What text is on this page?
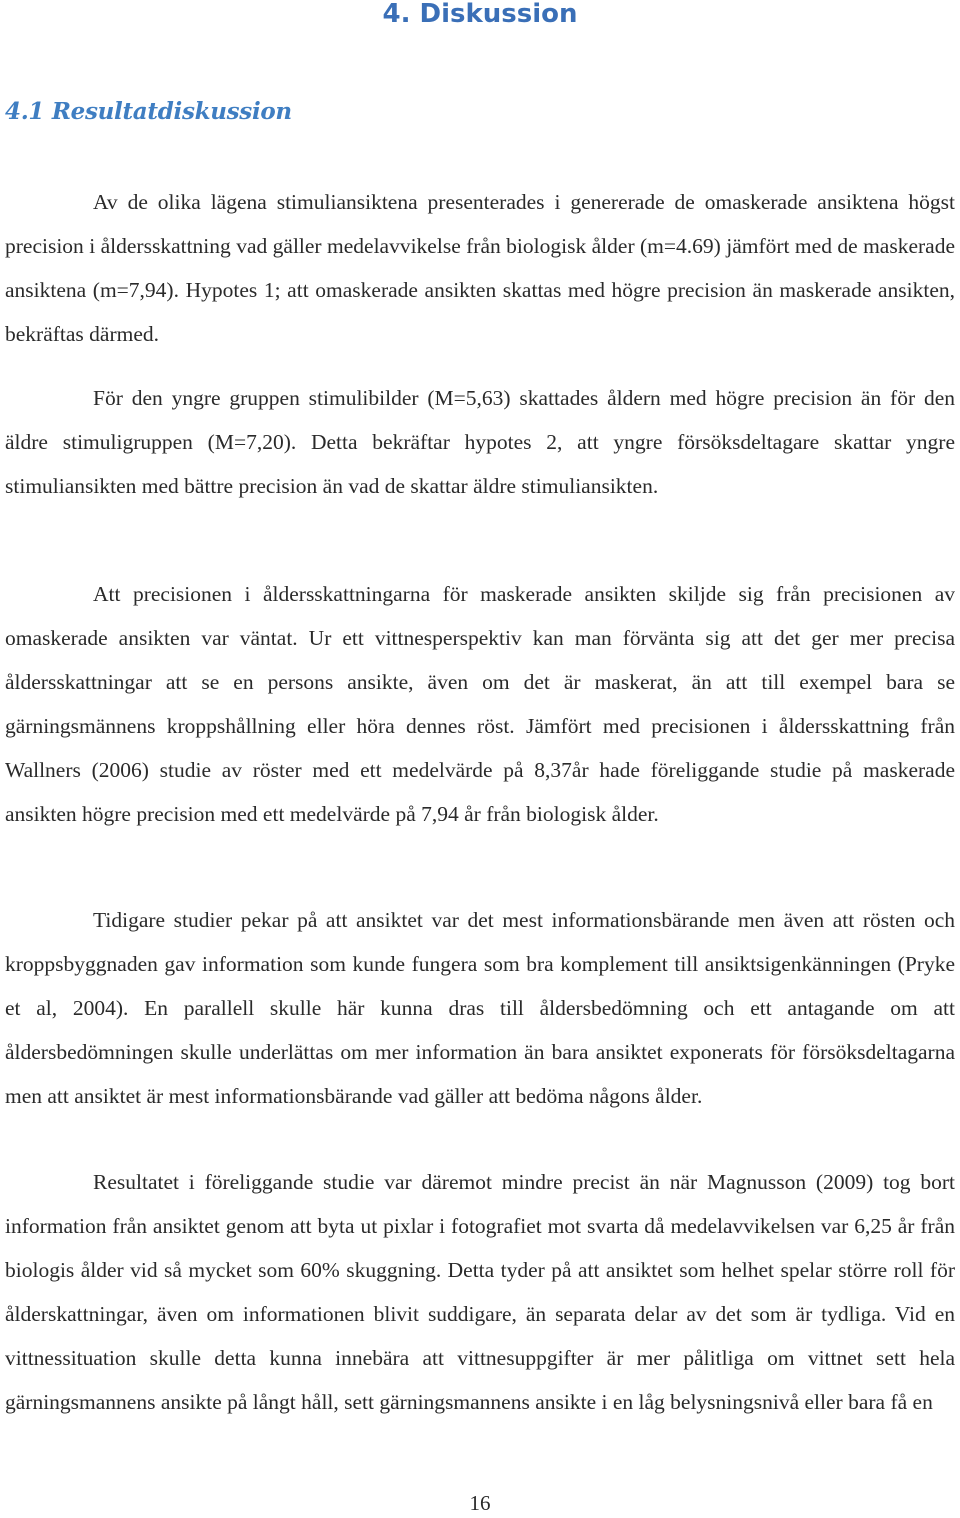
4. Diskussion
4.1 Resultatdiskussion

Av de olika lägena stimuliansiktena presenterades i genererade de omaskerade ansiktena högst precision i åldersskattning vad gäller medelavvikelse från biologisk ålder (m=4.69) jämfört med de maskerade ansiktena (m=7,94). Hypotes 1; att omaskerade ansikten skattas med högre precision än maskerade ansikten, bekräftas därmed.

För den yngre gruppen stimulibilder (M=5,63) skattades åldern med högre precision än för den äldre stimuligruppen (M=7,20). Detta bekräftar hypotes 2, att yngre försöksdeltagare skattar yngre stimuliansikten med bättre precision än vad de skattar äldre stimuliansikten.

Att precisionen i åldersskattningarna för maskerade ansikten skiljde sig från precisionen av omaskerade ansikten var väntat. Ur ett vittnesperspektiv kan man förvänta sig att det ger mer precisa åldersskattningar att se en persons ansikte, även om det är maskerat, än att till exempel bara se gärningsmännens kroppshållning eller höra dennes röst. Jämfört med precisionen i åldersskattning från Wallners (2006) studie av röster med ett medelvärde på 8,37år hade föreliggande studie på maskerade ansikten högre precision med ett medelvärde på 7,94 år från biologisk ålder.

Tidigare studier pekar på att ansiktet var det mest informationsbärande men även att rösten och kroppsbyggnaden gav information som kunde fungera som bra komplement till ansiktsigenkänningen (Pryke et al, 2004). En parallell skulle här kunna dras till åldersbedömning och ett antagande om att åldersbedömningen skulle underlättas om mer information än bara ansiktet exponerats för försöksdeltagarna men att ansiktet är mest informationsbärande vad gäller att bedöma någons ålder.

Resultatet i föreliggande studie var däremot mindre precist än när Magnusson (2009) tog bort information från ansiktet genom att byta ut pixlar i fotografiet mot svarta då medelavvikelsen var 6,25 år från biologis ålder vid så mycket som 60% skuggning. Detta tyder på att ansiktet som helhet spelar större roll för ålderskattningar, även om informationen blivit suddigare, än separata delar av det som är tydliga. Vid en vittnessituation skulle detta kunna innebära att vittnesuppgifter är mer pålitliga om vittnet sett hela gärningsmannens ansikte på långt håll, sett gärningsmannens ansikte i en låg belysningsnivå eller bara få en

16
